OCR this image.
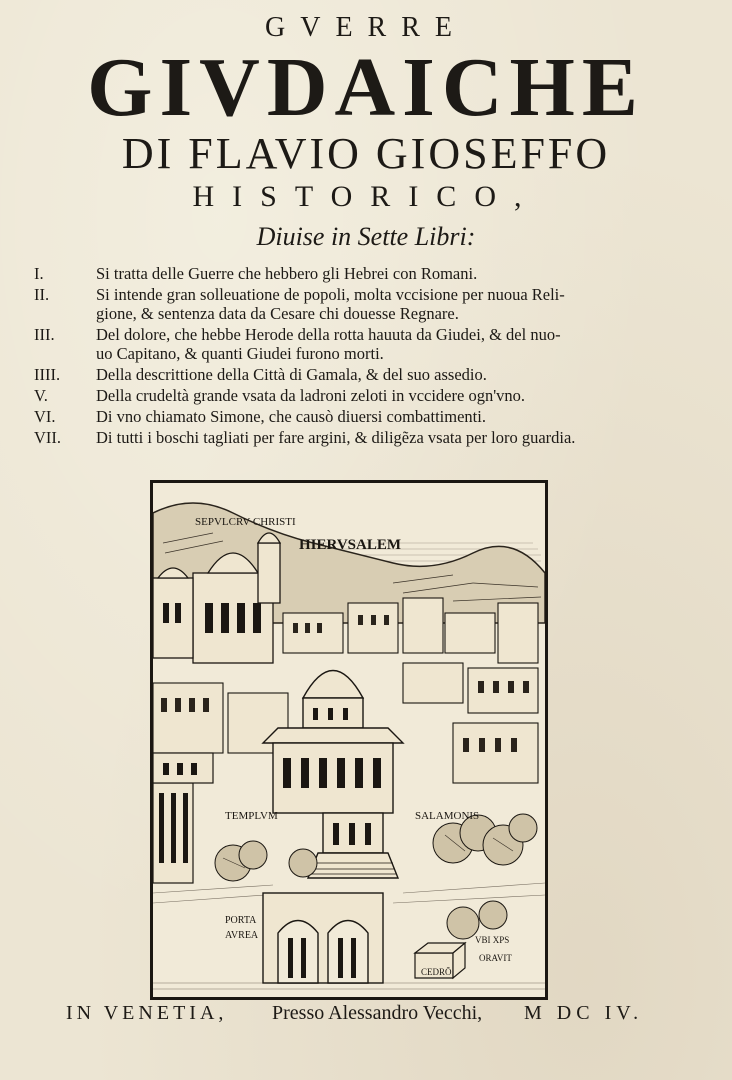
GVERRE
GIVDAICHE
DI FLAVIO GIOSEFFO
HISTORICO,
Diuise in Sette Libri:
I.	Si tratta delle Guerre che hebbero gli Hebrei con Romani.
II.	Si intende gran sollеuatione de popoli, molta vccisione per nuoua Reli-
gione, & sentenza data da Cesare chi douesse Regnare.
III.	Del dolore, che hebbe Herode della rotta hauuta da Giudei, & del nuo-
uo Capitano, & quanti Giudei furono morti.
IIII.	Della descrittione della Città di Gamala, & del suo assedio.
V.	Della crudeltà grande vsata da ladroni zeloti in vccidere ogn'vno.
VI.	Di vno chiamato Simone, che causò diuersi combattimenti.
VII.	Di tutti i boschi tagliati per fare argini, & diligẽza vsata per loro guardia.
SEPVLCRV CHRISTI
HIERVSALEM
TEMPLVM	SALAMONIS
PORTA
AVREA	VBI XPS
ORAVIT
CEDRÕ
IN VENETIA, Presso Alessandro Vecchi, M DC IV.
